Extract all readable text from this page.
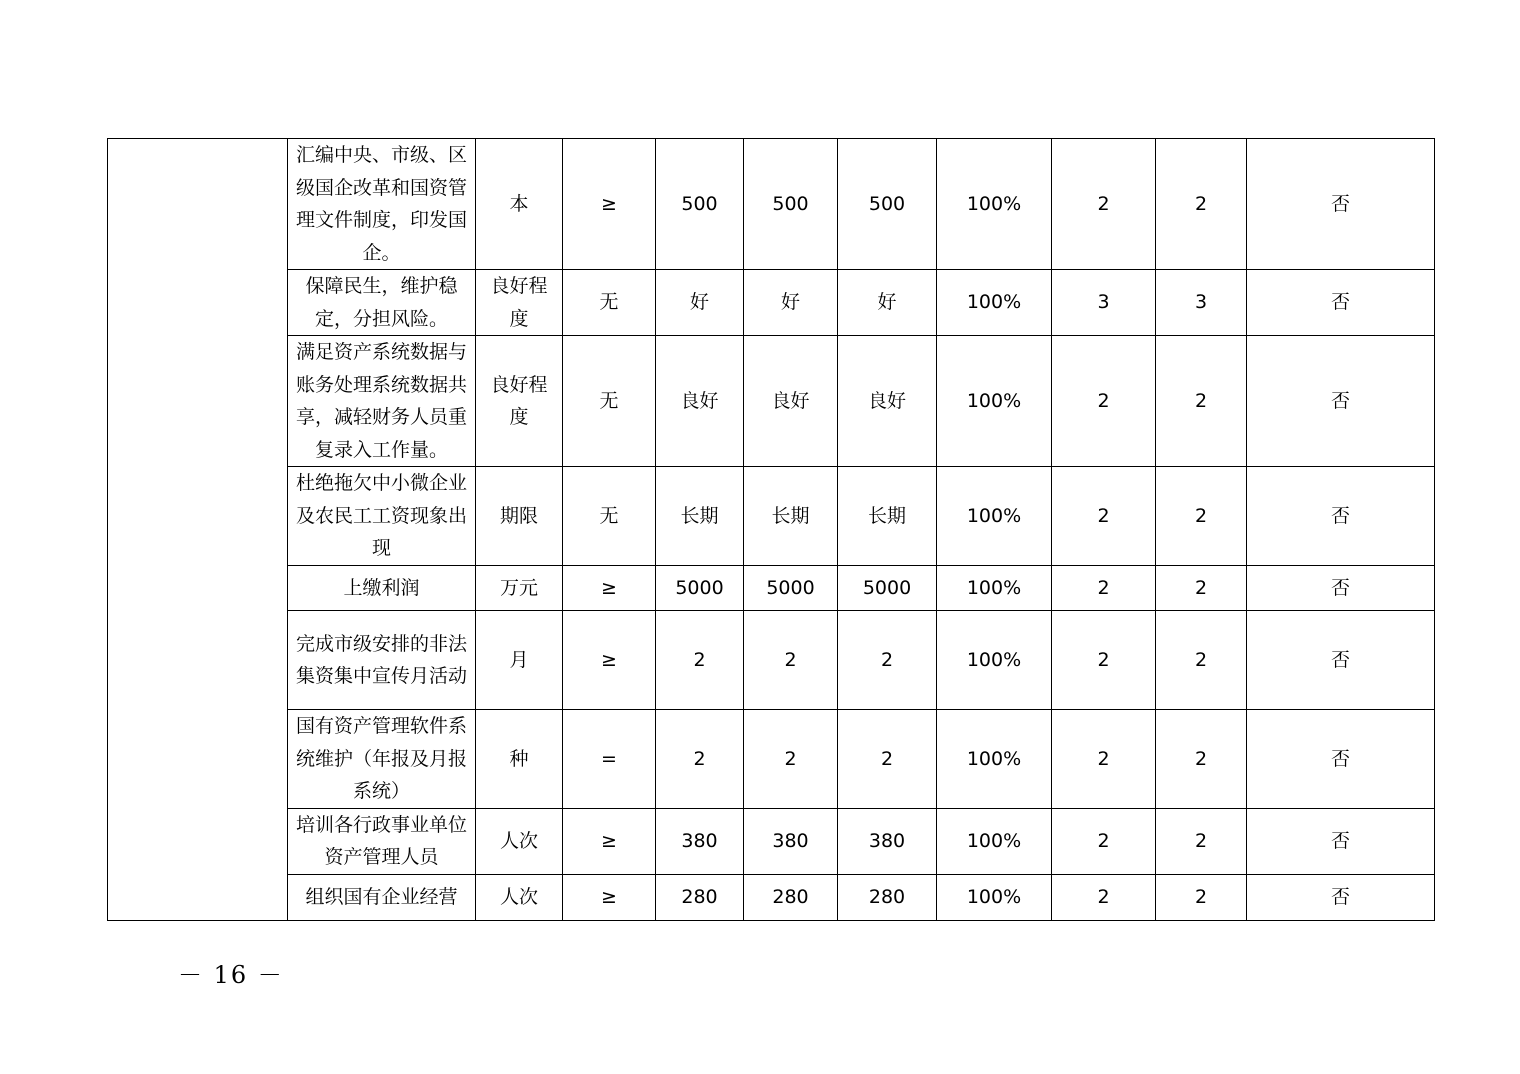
	汇编中央、市级、区级国企改革和国资管理文件制度，印发国企。	本	≥	500	500	500	100%	2	2	否
	保障民生，维护稳定，分担风险。	良好程度	无	好	好	好	100%	3	3	否
	满足资产系统数据与账务处理系统数据共享，减轻财务人员重复录入工作量。	良好程度	无	良好	良好	良好	100%	2	2	否
	杜绝拖欠中小微企业及农民工工资现象出现	期限	无	长期	长期	长期	100%	2	2	否
	上缴利润	万元	≥	5000	5000	5000	100%	2	2	否
	完成市级安排的非法集资集中宣传月活动	月	≥	2	2	2	100%	2	2	否
	国有资产管理软件系统维护（年报及月报系统）	种	=	2	2	2	100%	2	2	否
	培训各行政事业单位资产管理人员	人次	≥	380	380	380	100%	2	2	否
	组织国有企业经营	人次	≥	280	280	280	100%	2	2	否
－ 16 －
